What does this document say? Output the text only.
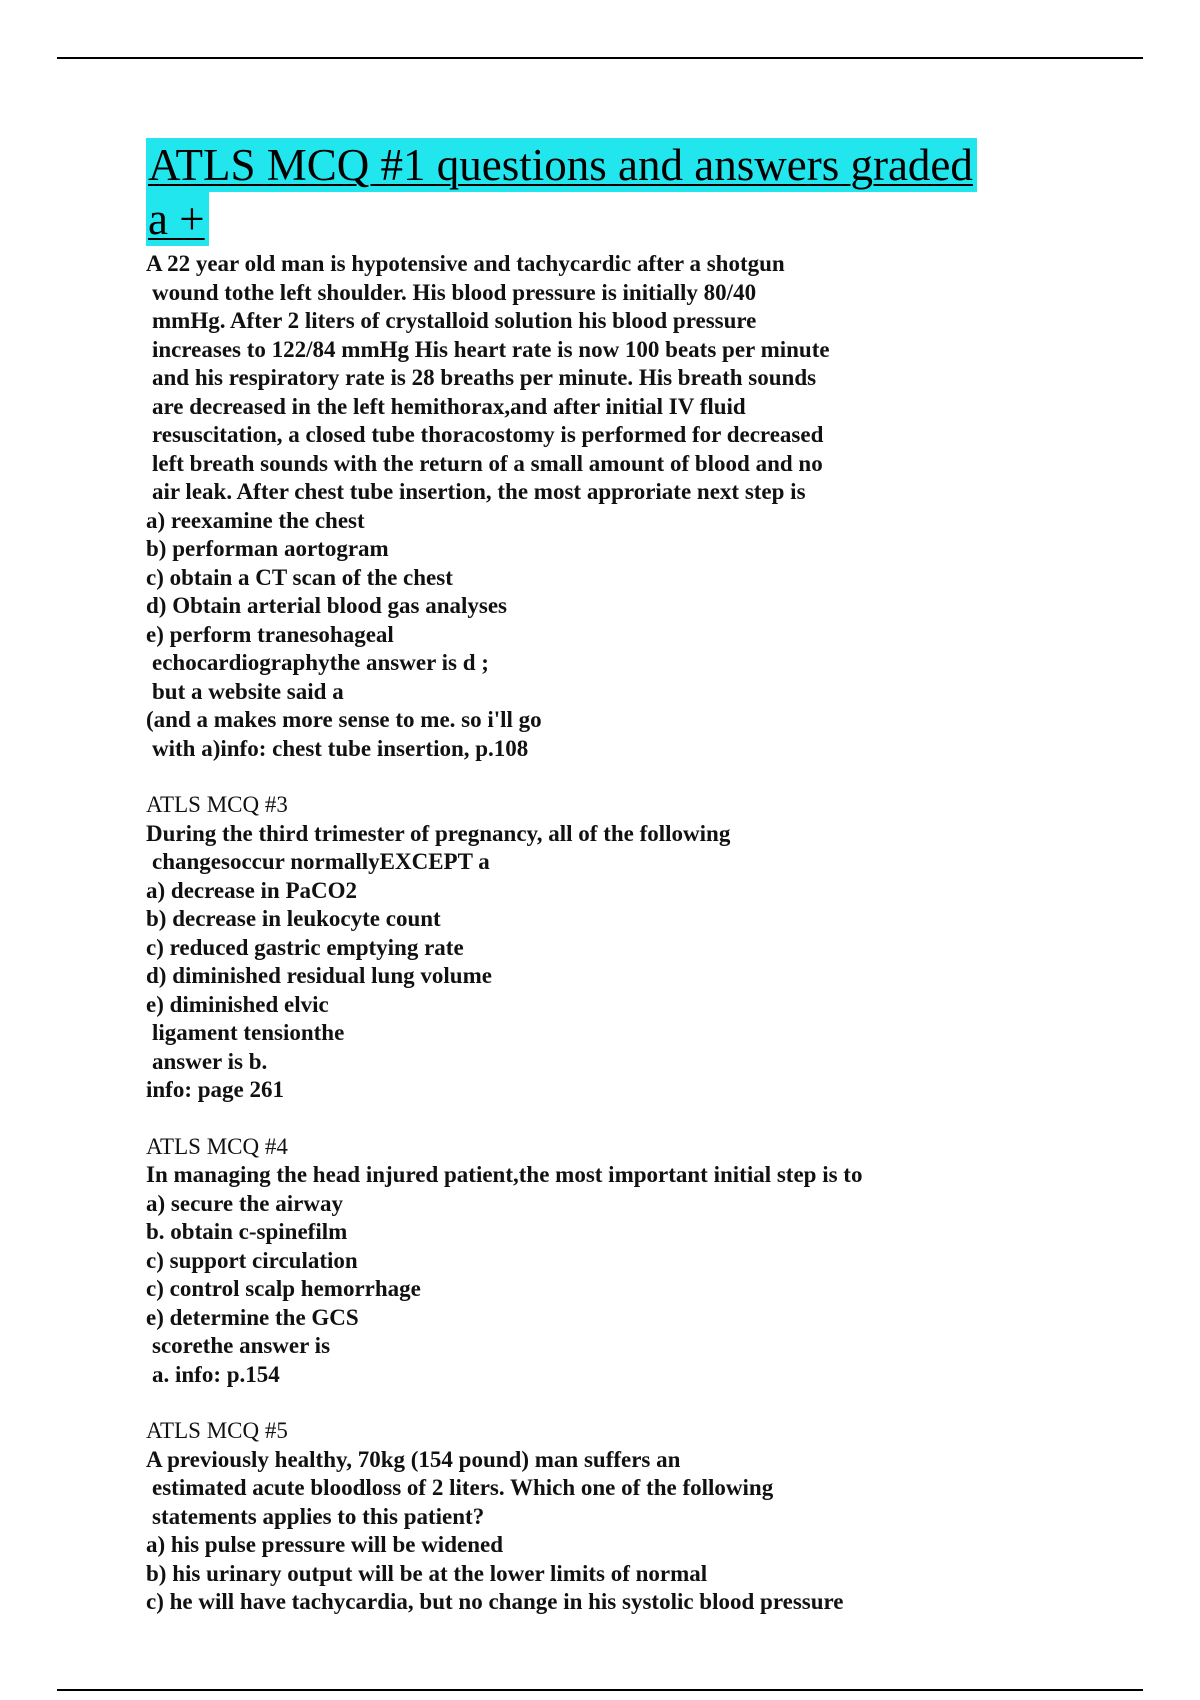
ATLS MCQ #1 questions and answers graded
a +
A 22 year old man is hypotensive and tachycardic after a shotgun
wound tothe left shoulder. His blood pressure is initially 80/40
mmHg. After 2 liters of crystalloid solution his blood pressure
increases to 122/84 mmHg His heart rate is now 100 beats per minute
and his respiratory rate is 28 breaths per minute. His breath sounds
are decreased in the left hemithorax,and after initial IV fluid
resuscitation, a closed tube thoracostomy is performed for decreased
left breath sounds with the return of a small amount of blood and no
air leak. After chest tube insertion, the most approriate next step is
a) reexamine the chest
b) performan aortogram
c) obtain a CT scan of the chest
d) Obtain arterial blood gas analyses
e) perform tranesohageal
echocardiographythe answer is d ;
but a website said a
(and a makes more sense to me. so i'll go
with a)info: chest tube insertion, p.108
ATLS MCQ #3
During the third trimester of pregnancy, all of the following
changesoccur normallyEXCEPT a
a) decrease in PaCO2
b) decrease in leukocyte count
c) reduced gastric emptying rate
d) diminished residual lung volume
e) diminished elvic
ligament tensionthe
answer is b.
info: page 261
ATLS MCQ #4
In managing the head injured patient,the most important initial step is to
a) secure the airway
b. obtain c-spinefilm
c) support circulation
c) control scalp hemorrhage
e) determine the GCS
scorethe answer is
a. info: p.154
ATLS MCQ #5
A previously healthy, 70kg (154 pound) man suffers an
estimated acute bloodloss of 2 liters. Which one of the following
statements applies to this patient?
a) his pulse pressure will be widened
b) his urinary output will be at the lower limits of normal
c) he will have tachycardia, but no change in his systolic blood pressure
